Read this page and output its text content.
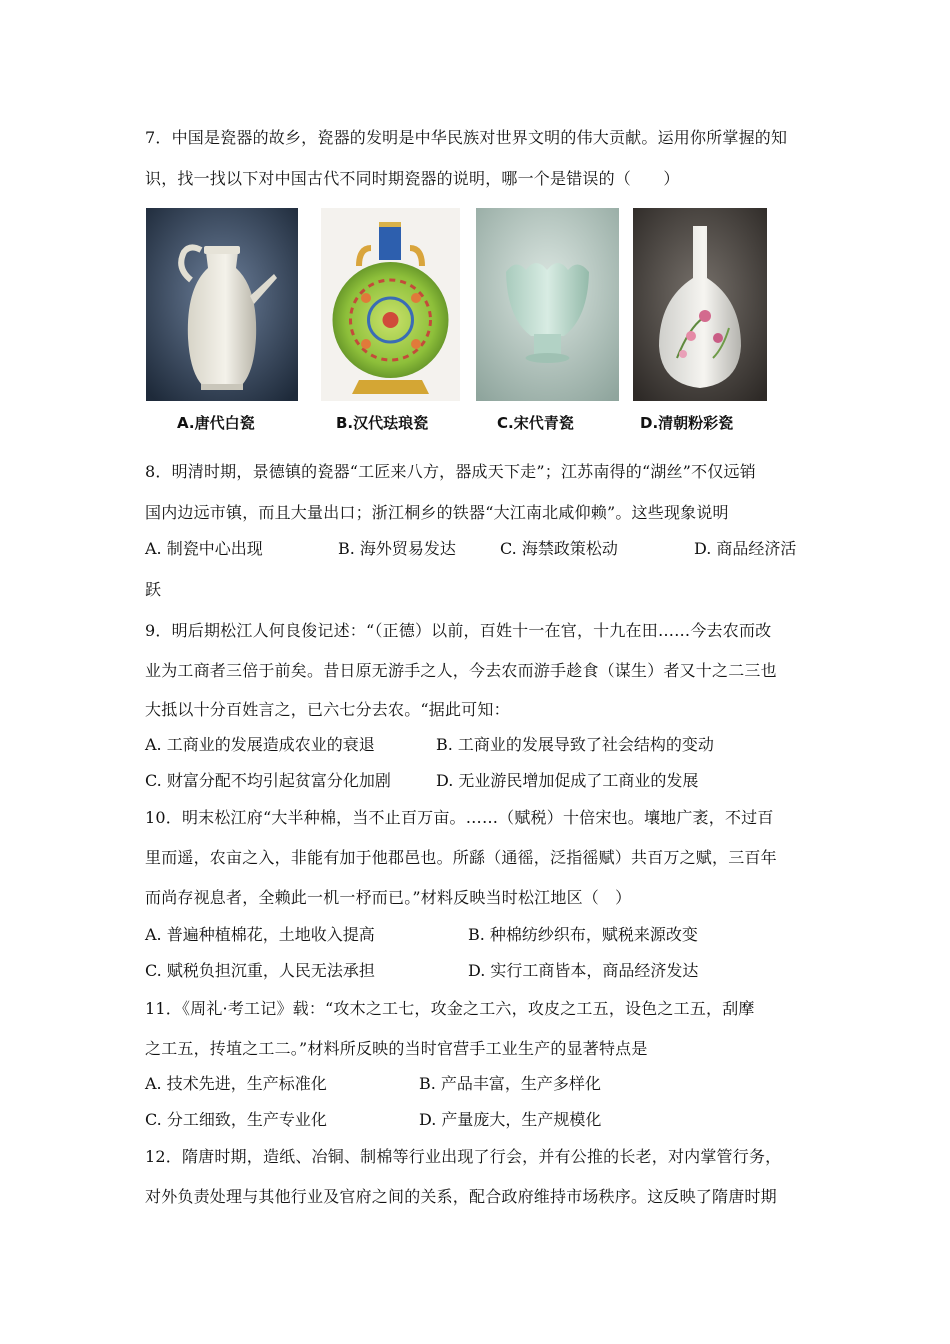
7．中国是瓷器的故乡，瓷器的发明是中华民族对世界文明的伟大贡献。运用你所掌握的知
识，找一找以下对中国古代不同时期瓷器的说明，哪一个是错误的（　　）
A.唐代白瓷	B.汉代珐琅瓷	C.宋代青瓷	D.清朝粉彩瓷
8．明清时期，景德镇的瓷器“工匠来八方，器成天下走”；江苏南得的“湖丝”不仅远销
国内边远市镇，而且大量出口；浙江桐乡的铁器“大江南北咸仰赖”。这些现象说明
A. 制瓷中心出现	B. 海外贸易发达	C. 海禁政策松动	D. 商品经济活
跃
9．明后期松江人何良俊记述：“（正德）以前，百姓十一在官，十九在田……今去农而改
业为工商者三倍于前矣。昔日原无游手之人，今去农而游手趁食（谋生）者又十之二三也
大抵以十分百姓言之，已六七分去农。“据此可知：
A. 工商业的发展造成农业的衰退	B. 工商业的发展导致了社会结构的变动
C. 财富分配不均引起贫富分化加剧	D. 无业游民增加促成了工商业的发展
10．明末松江府“大半种棉，当不止百万亩。……（赋税）十倍宋也。壤地广袤，不过百
里而遥，农亩之入，非能有加于他郡邑也。所繇（通徭，泛指徭赋）共百万之赋，三百年
而尚存视息者，全赖此一机一杼而已。”材料反映当时松江地区（　）
A. 普遍种植棉花，土地收入提高	B. 种棉纺纱织布，赋税来源改变
C. 赋税负担沉重，人民无法承担	D. 实行工商皆本，商品经济发达
11．《周礼·考工记》载：“攻木之工七，攻金之工六，攻皮之工五，设色之工五，刮摩
之工五，抟埴之工二。”材料所反映的当时官营手工业生产的显著特点是
A. 技术先进，生产标准化	B. 产品丰富，生产多样化
C. 分工细致，生产专业化	D. 产量庞大，生产规模化
12．隋唐时期，造纸、冶铜、制棉等行业出现了行会，并有公推的长老，对内掌管行务，
对外负责处理与其他行业及官府之间的关系，配合政府维持市场秩序。这反映了隋唐时期
